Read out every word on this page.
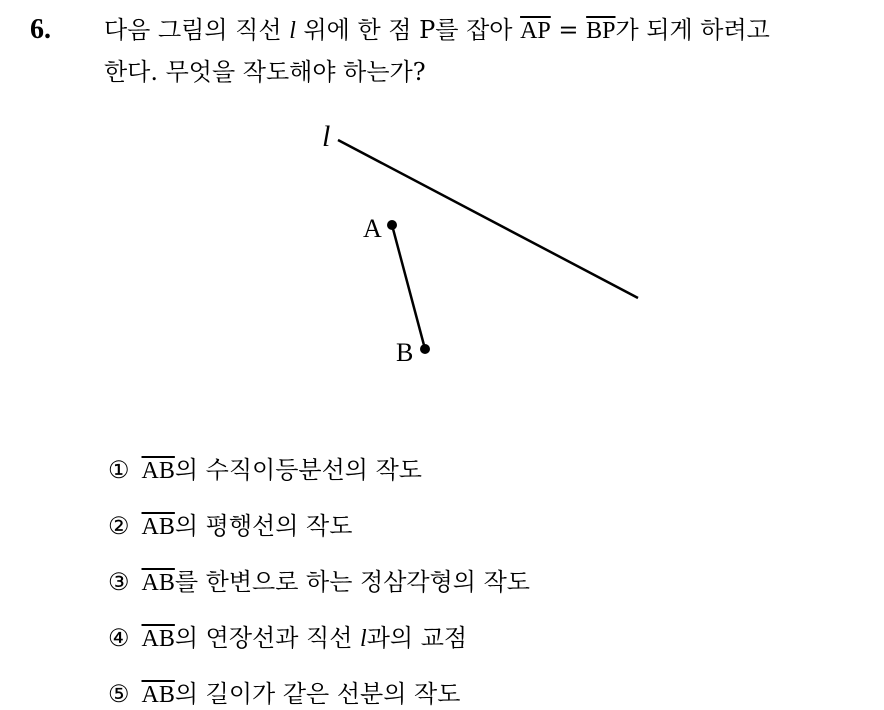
6. 다음 그림의 직선 l 위에 한 점 P를 잡아 $\overline{AP} = \overline{BP}$가 되게 하려고
한다. 무엇을 작도해야 하는가?
l
A
B
① $\overline{AB}$의 수직이등분선의 작도
② $\overline{AB}$의 평행선의 작도
③ $\overline{AB}$를 한변으로 하는 정삼각형의 작도
④ $\overline{AB}$의 연장선과 직선 l과의 교점
⑤ $\overline{AB}$의 길이가 같은 선분의 작도
